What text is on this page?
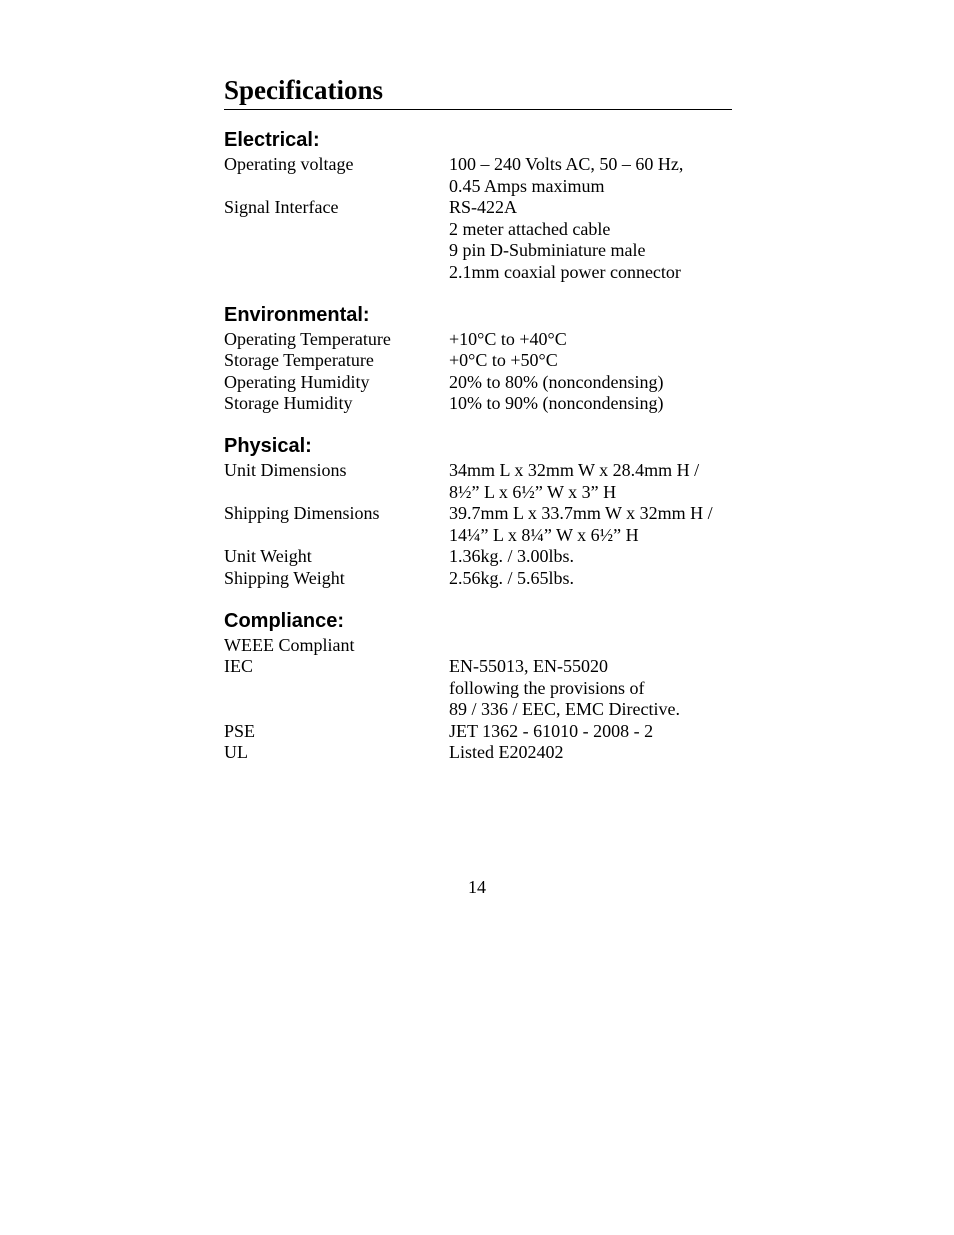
Specifications
Electrical:
Operating voltage	100 – 240 Volts AC, 50 – 60 Hz,
0.45 Amps maximum
Signal Interface	RS-422A
2 meter attached cable
9 pin D-Subminiature male
2.1mm coaxial power connector
Environmental:
Operating Temperature	+10°C to +40°C
Storage Temperature	+0°C to +50°C
Operating Humidity	20% to 80% (noncondensing)
Storage Humidity	10% to 90% (noncondensing)
Physical:
Unit Dimensions	34mm L x 32mm W x 28.4mm H /
8½” L x 6½” W x 3” H
Shipping Dimensions	39.7mm L x 33.7mm W x 32mm H /
14¼” L x 8¼” W x 6½” H
Unit Weight	1.36kg. / 3.00lbs.
Shipping Weight	2.56kg. / 5.65lbs.
Compliance:
WEEE Compliant
IEC	EN-55013, EN-55020
following the provisions of
89 / 336 / EEC, EMC Directive.
PSE	JET 1362 - 61010 - 2008 - 2
UL	Listed E202402
14
